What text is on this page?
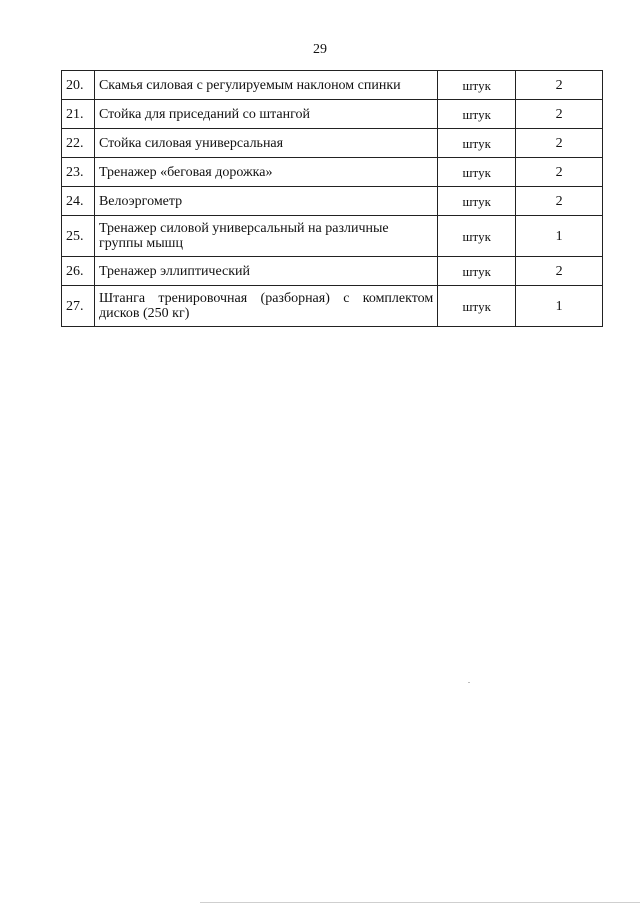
29
20.	Скамья силовая с регулируемым наклоном спинки	штук	2
21.	Стойка для приседаний со штангой	штук	2
22.	Стойка силовая универсальная	штук	2
23.	Тренажер «беговая дорожка»	штук	2
24.	Велоэргометр	штук	2
25.	Тренажер силовой универсальный на различные группы мышц	штук	1
26.	Тренажер эллиптический	штук	2
27.	Штанга тренировочная (разборная) с комплектом дисков (250 кг)	штук	1
